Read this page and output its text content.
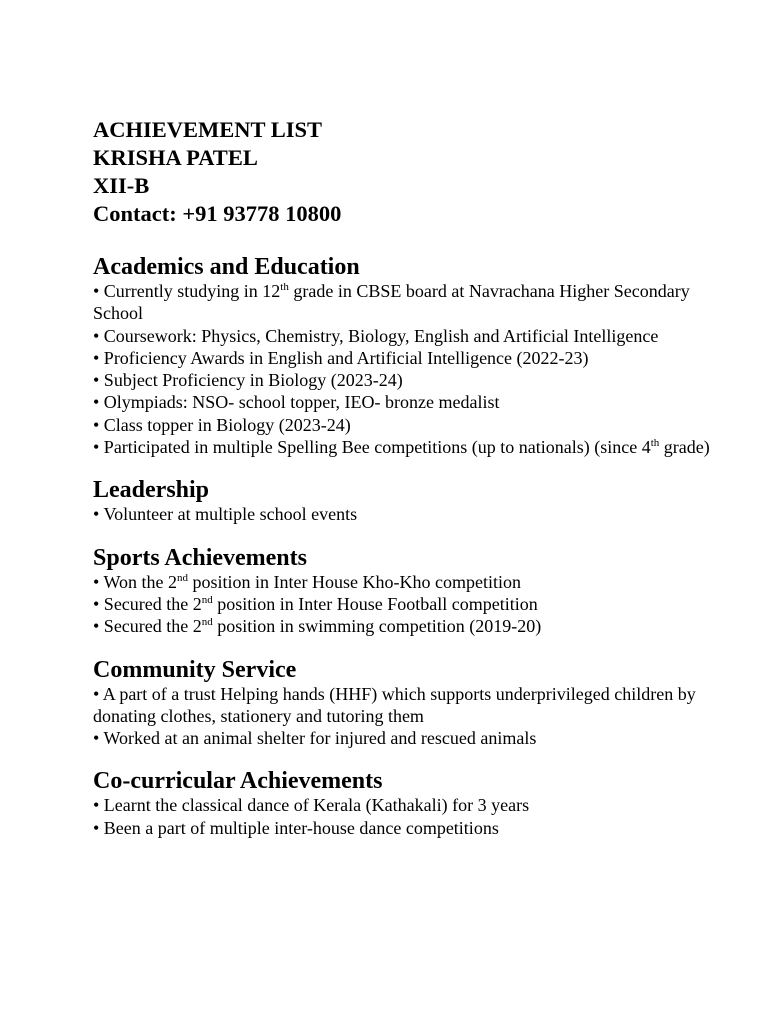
ACHIEVEMENT LIST

KRISHA PATEL

XII-B

Contact: +91 93778 10800

Academics and Education

• Currently studying in 12th grade in CBSE board at Navrachana Higher Secondary School

• Coursework: Physics, Chemistry, Biology, English and Artificial Intelligence

• Proficiency Awards in English and Artificial Intelligence (2022-23)

• Subject Proficiency in Biology (2023-24)

• Olympiads: NSO- school topper, IEO- bronze medalist

• Class topper in Biology (2023-24)

• Participated in multiple Spelling Bee competitions (up to nationals) (since 4th grade)

Leadership

• Volunteer at multiple school events

Sports Achievements

• Won the 2nd position in Inter House Kho-Kho competition

• Secured the 2nd position in Inter House Football competition

• Secured the 2nd position in swimming competition (2019-20)

Community Service

• A part of a trust Helping hands (HHF) which supports underprivileged children by donating clothes, stationery and tutoring them

• Worked at an animal shelter for injured and rescued animals

Co-curricular Achievements

• Learnt the classical dance of Kerala (Kathakali) for 3 years

• Been a part of multiple inter-house dance competitions
